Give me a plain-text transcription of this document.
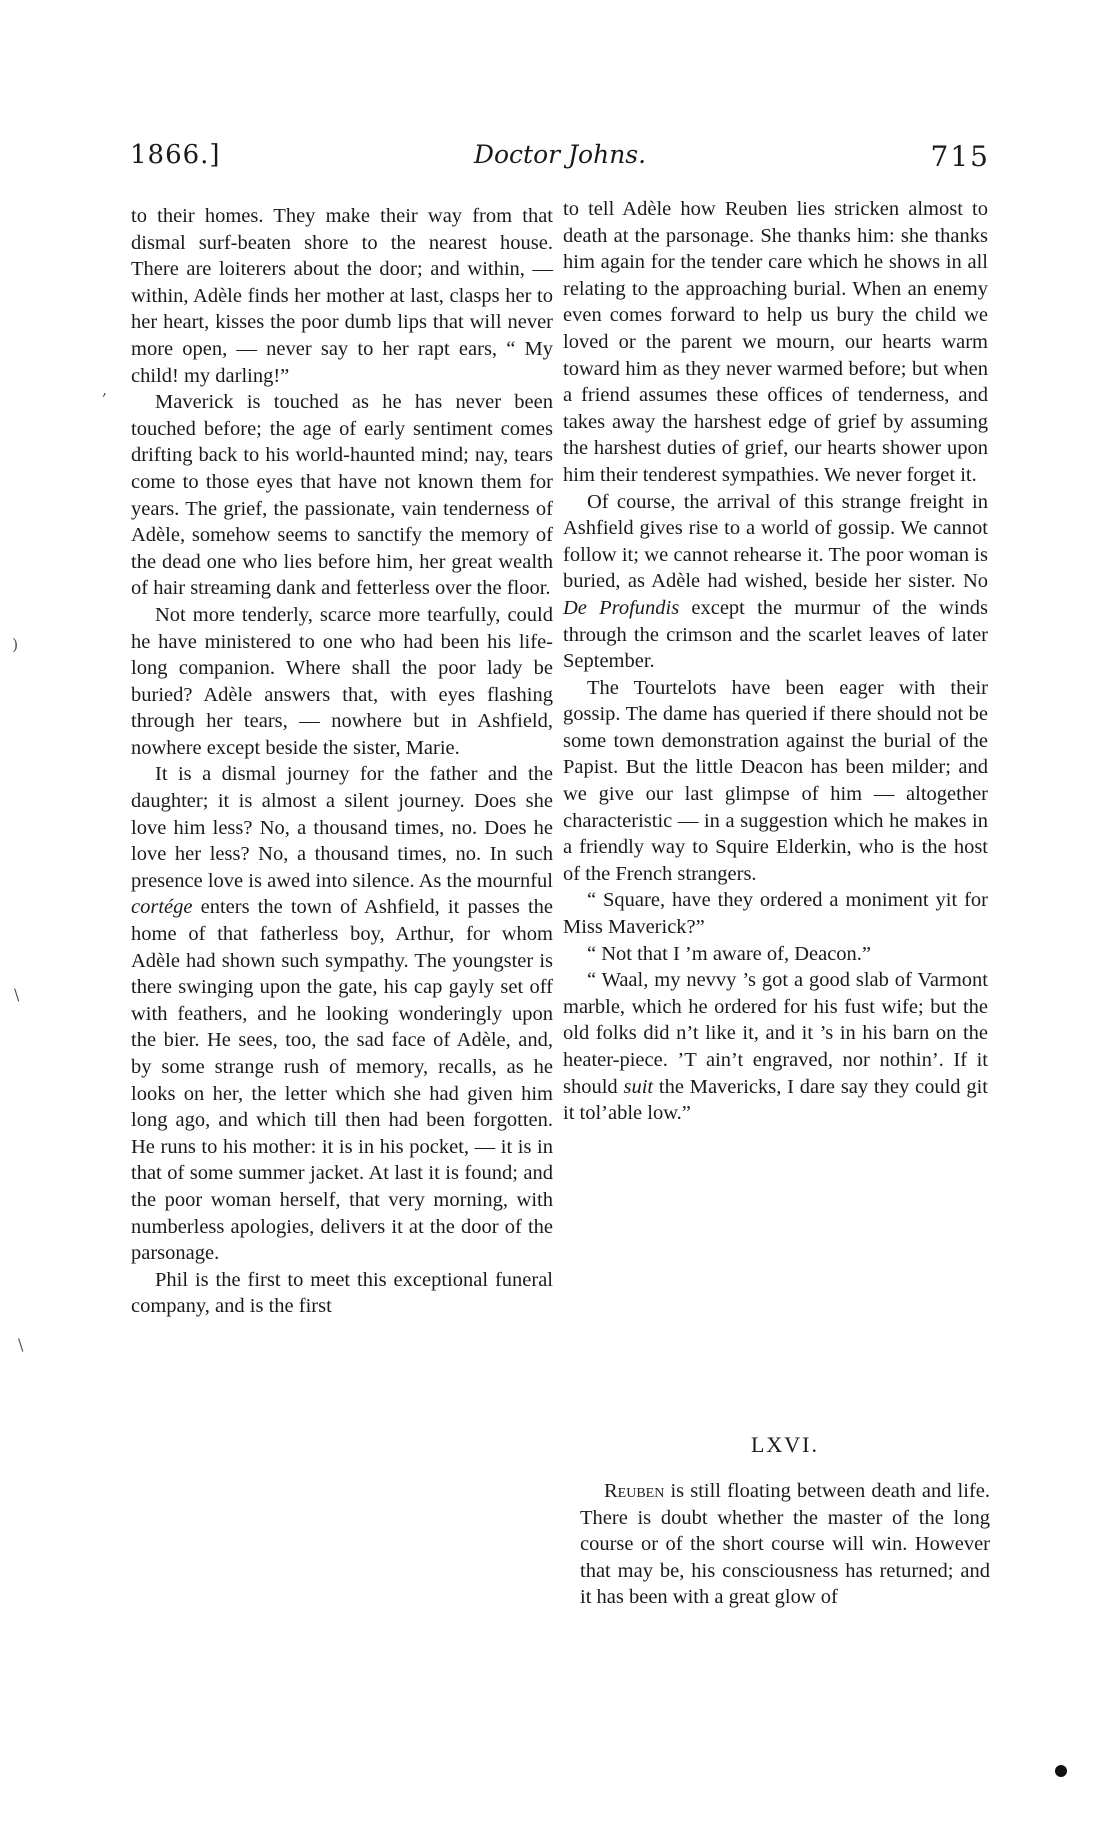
1866.]	Doctor Johns.	715

to their homes. They make their way from that dismal surf-beaten shore to the nearest house. There are loiterers about the door; and within, — within, Adèle finds her mother at last, clasps her to her heart, kisses the poor dumb lips that will never more open, — never say to her rapt ears, “ My child! my darling!”

Maverick is touched as he has never been touched before; the age of early sentiment comes drifting back to his world-haunted mind; nay, tears come to those eyes that have not known them for years. The grief, the passionate, vain tenderness of Adèle, somehow seems to sanctify the memory of the dead one who lies before him, her great wealth of hair streaming dank and fetterless over the floor.

Not more tenderly, scarce more tearfully, could he have ministered to one who had been his life-long companion. Where shall the poor lady be buried? Adèle answers that, with eyes flashing through her tears, — nowhere but in Ashfield, nowhere except beside the sister, Marie.

It is a dismal journey for the father and the daughter; it is almost a silent journey. Does she love him less? No, a thousand times, no. Does he love her less? No, a thousand times, no. In such presence love is awed into silence. As the mournful cortége enters the town of Ashfield, it passes the home of that fatherless boy, Arthur, for whom Adèle had shown such sympathy. The youngster is there swinging upon the gate, his cap gayly set off with feathers, and he looking wonderingly upon the bier. He sees, too, the sad face of Adèle, and, by some strange rush of memory, recalls, as he looks on her, the letter which she had given him long ago, and which till then had been forgotten. He runs to his mother: it is in his pocket, — it is in that of some summer jacket. At last it is found; and the poor woman herself, that very morning, with numberless apologies, delivers it at the door of the parsonage.

Phil is the first to meet this exceptional funeral company, and is the first

to tell Adèle how Reuben lies stricken almost to death at the parsonage. She thanks him: she thanks him again for the tender care which he shows in all relating to the approaching burial. When an enemy even comes forward to help us bury the child we loved or the parent we mourn, our hearts warm toward him as they never warmed before; but when a friend assumes these offices of tenderness, and takes away the harshest edge of grief by assuming the harshest duties of grief, our hearts shower upon him their tenderest sympathies. We never forget it.

Of course, the arrival of this strange freight in Ashfield gives rise to a world of gossip. We cannot follow it; we cannot rehearse it. The poor woman is buried, as Adèle had wished, beside her sister. No De Profundis except the murmur of the winds through the crimson and the scarlet leaves of later September.

The Tourtelots have been eager with their gossip. The dame has queried if there should not be some town demonstration against the burial of the Papist. But the little Deacon has been milder; and we give our last glimpse of him — altogether characteristic — in a suggestion which he makes in a friendly way to Squire Elderkin, who is the host of the French strangers.

“ Square, have they ordered a moniment yit for Miss Maverick?”

“ Not that I ’m aware of, Deacon.”

“ Waal, my nevvy ’s got a good slab of Varmont marble, which he ordered for his fust wife; but the old folks did n’t like it, and it ’s in his barn on the heater-piece. ’T ain’t engraved, nor nothin’. If it should suit the Mavericks, I dare say they could git it tol’able low.”

LXVI.

Reuben is still floating between death and life. There is doubt whether the master of the long course or of the short course will win. However that may be, his consciousness has returned; and it has been with a great glow of

)
\
\
,
